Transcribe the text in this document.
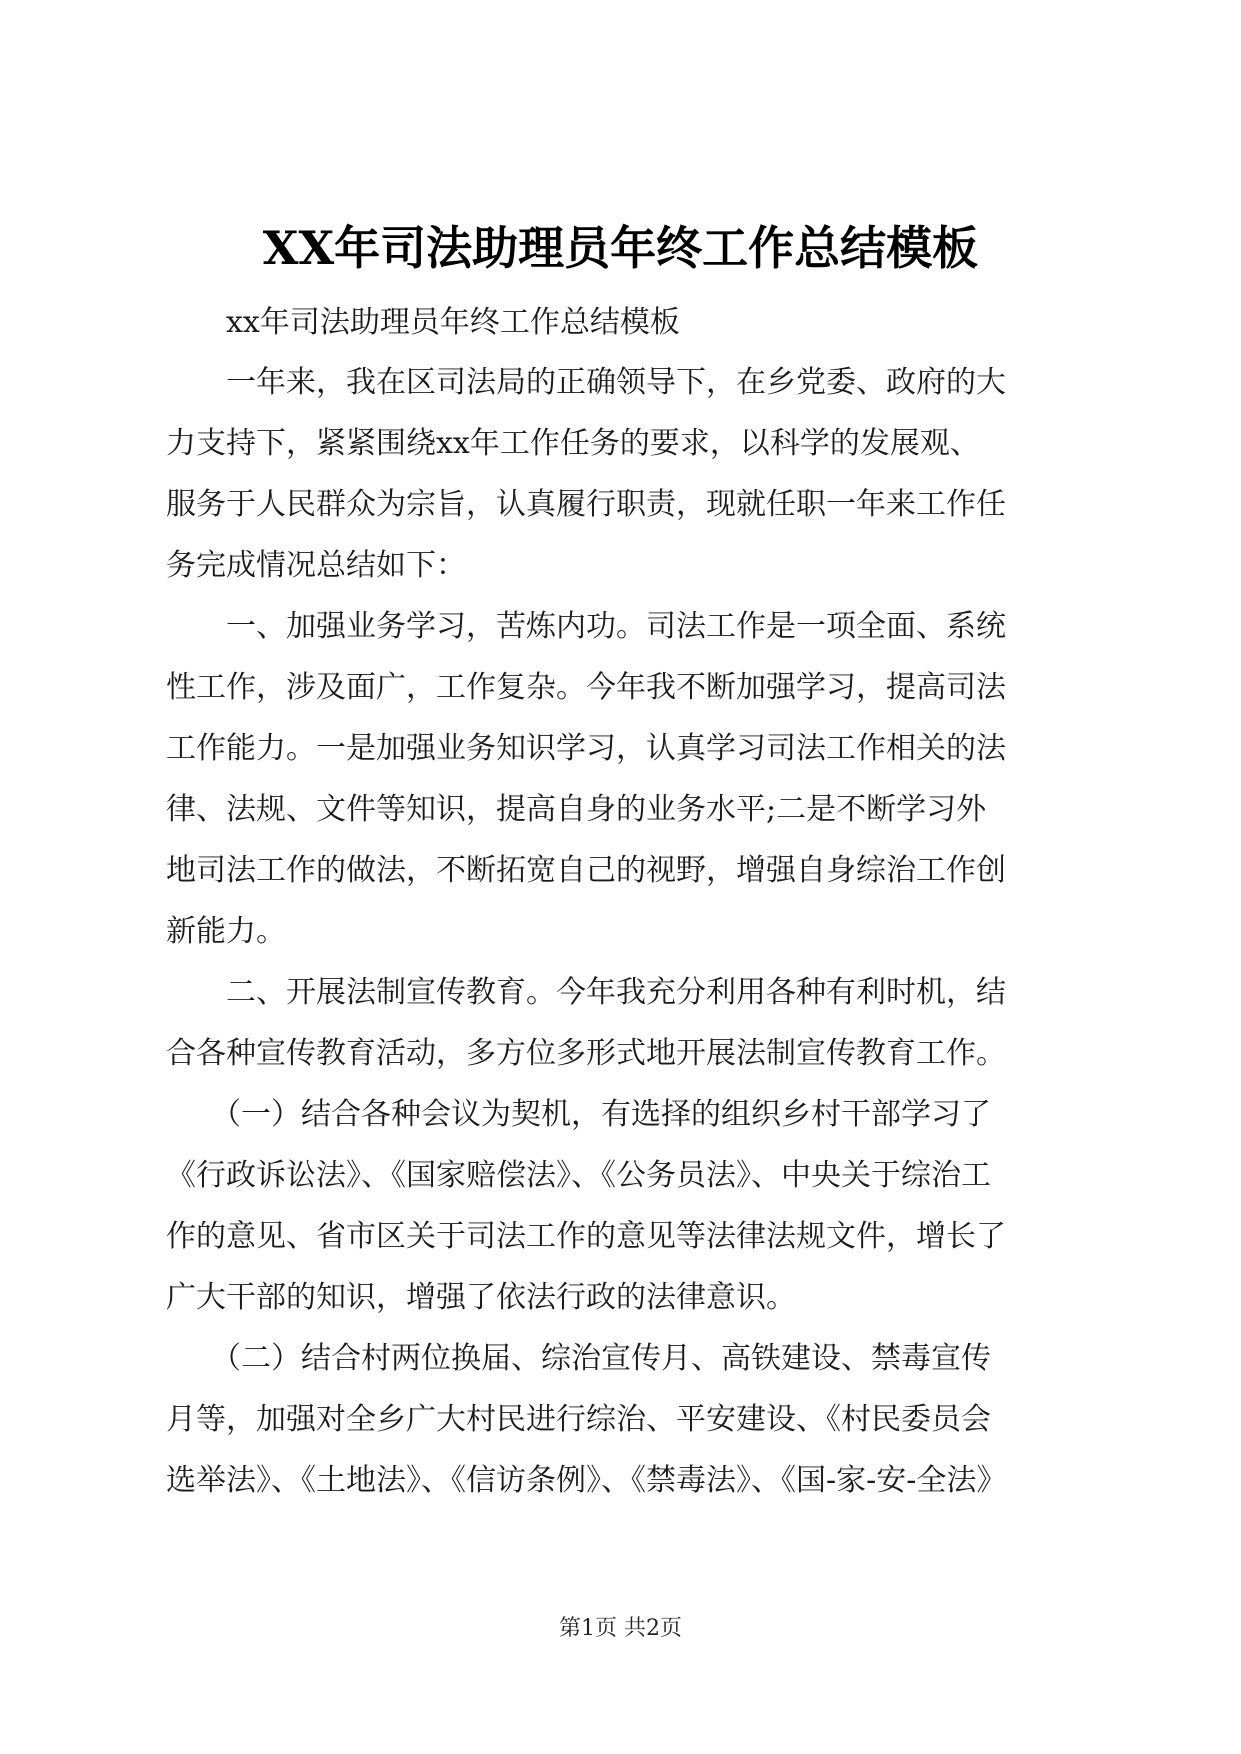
XX年司法助理员年终工作总结模板
　　xx年司法助理员年终工作总结模板
　　一年来，我在区司法局的正确领导下，在乡党委、政府的大
力支持下，紧紧围绕xx年工作任务的要求，以科学的发展观、
服务于人民群众为宗旨，认真履行职责，现就任职一年来工作任
务完成情况总结如下：
　　一、加强业务学习，苦炼内功。司法工作是一项全面、系统
性工作，涉及面广，工作复杂。今年我不断加强学习，提高司法
工作能力。一是加强业务知识学习，认真学习司法工作相关的法
律、法规、文件等知识，提高自身的业务水平;二是不断学习外
地司法工作的做法，不断拓宽自己的视野，增强自身综治工作创
新能力。
　　二、开展法制宣传教育。今年我充分利用各种有利时机，结
合各种宣传教育活动，多方位多形式地开展法制宣传教育工作。
　　（一）结合各种会议为契机，有选择的组织乡村干部学习了
《行政诉讼法》、《国家赔偿法》、《公务员法》、中央关于综治工
作的意见、省市区关于司法工作的意见等法律法规文件，增长了
广大干部的知识，增强了依法行政的法律意识。
　　（二）结合村两位换届、综治宣传月、高铁建设、禁毒宣传
月等，加强对全乡广大村民进行综治、平安建设、《村民委员会
选举法》、《土地法》、《信访条例》、《禁毒法》、《国-家-安-全法》
第1页 共2页
